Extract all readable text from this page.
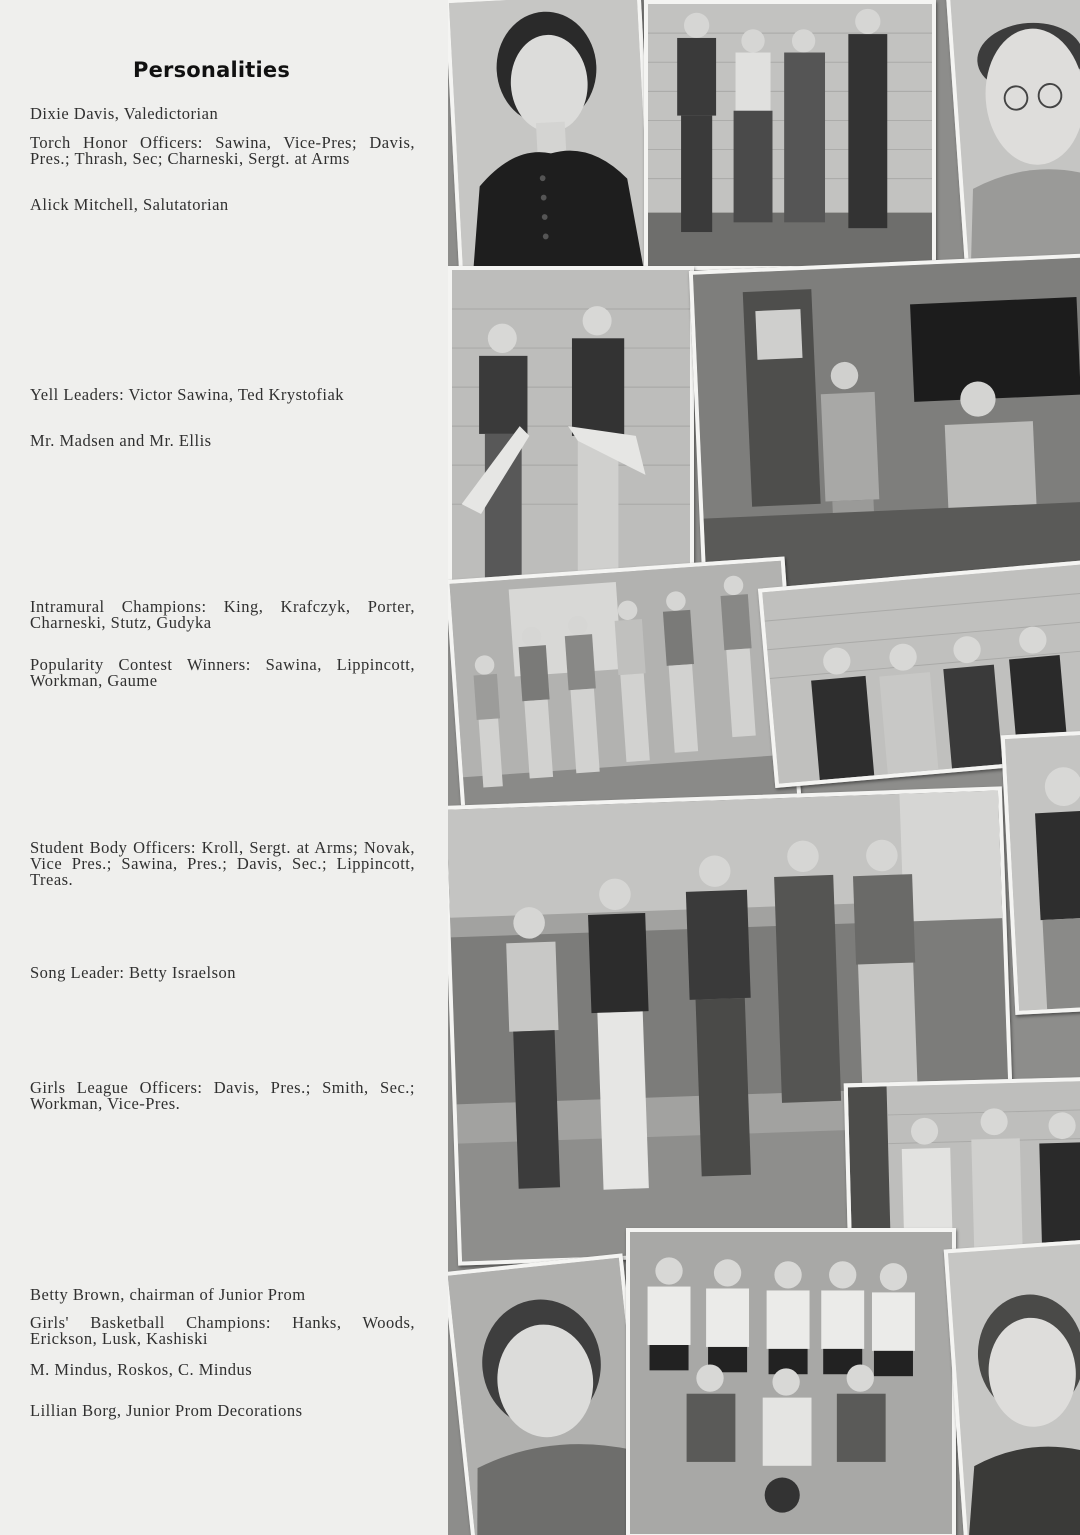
Personalities
Dixie Davis, Valedictorian
Torch Honor Officers: Sawina, Vice-Pres; Davis, Pres.; Thrash, Sec; Charneski, Sergt. at Arms
Alick Mitchell, Salutatorian
Yell Leaders: Victor Sawina, Ted Krystofiak
Mr. Madsen and Mr. Ellis
Intramural Champions: King, Krafczyk, Porter, Charneski, Stutz, Gudyka
Popularity Contest Winners: Sawina, Lippincott, Workman, Gaume
Student Body Officers: Kroll, Sergt. at Arms; Novak, Vice Pres.; Sawina, Pres.; Davis, Sec.; Lippincott, Treas.
Song Leader: Betty Israelson
Girls League Officers: Davis, Pres.; Smith, Sec.; Workman, Vice-Pres.
Betty Brown, chairman of Junior Prom
Girls' Basketball Champions: Hanks, Woods, Erickson, Lusk, Kashiski
M. Mindus, Roskos, C. Mindus
Lillian Borg, Junior Prom Decorations
